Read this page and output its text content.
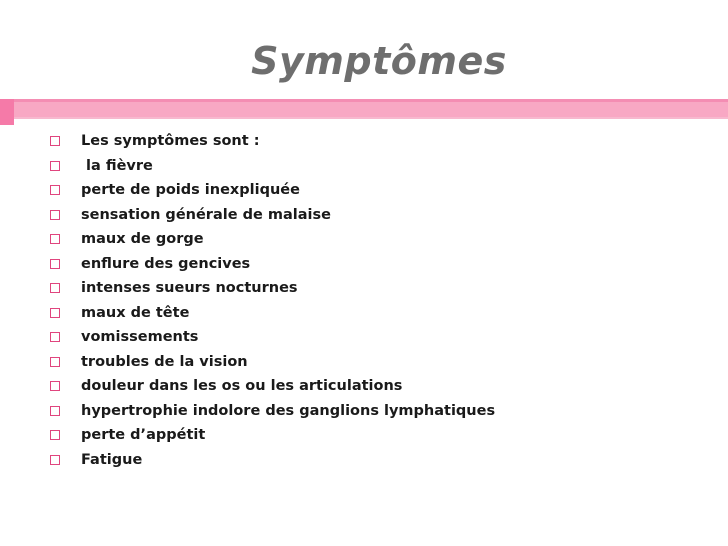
Symptômes
Les symptômes sont :
la fièvre
perte de poids inexpliquée
sensation générale de malaise
maux de gorge
enflure des gencives
intenses sueurs nocturnes
maux de tête
vomissements
troubles de la vision
douleur dans les os ou les articulations
hypertrophie indolore des ganglions lymphatiques
perte d’appétit
Fatigue
